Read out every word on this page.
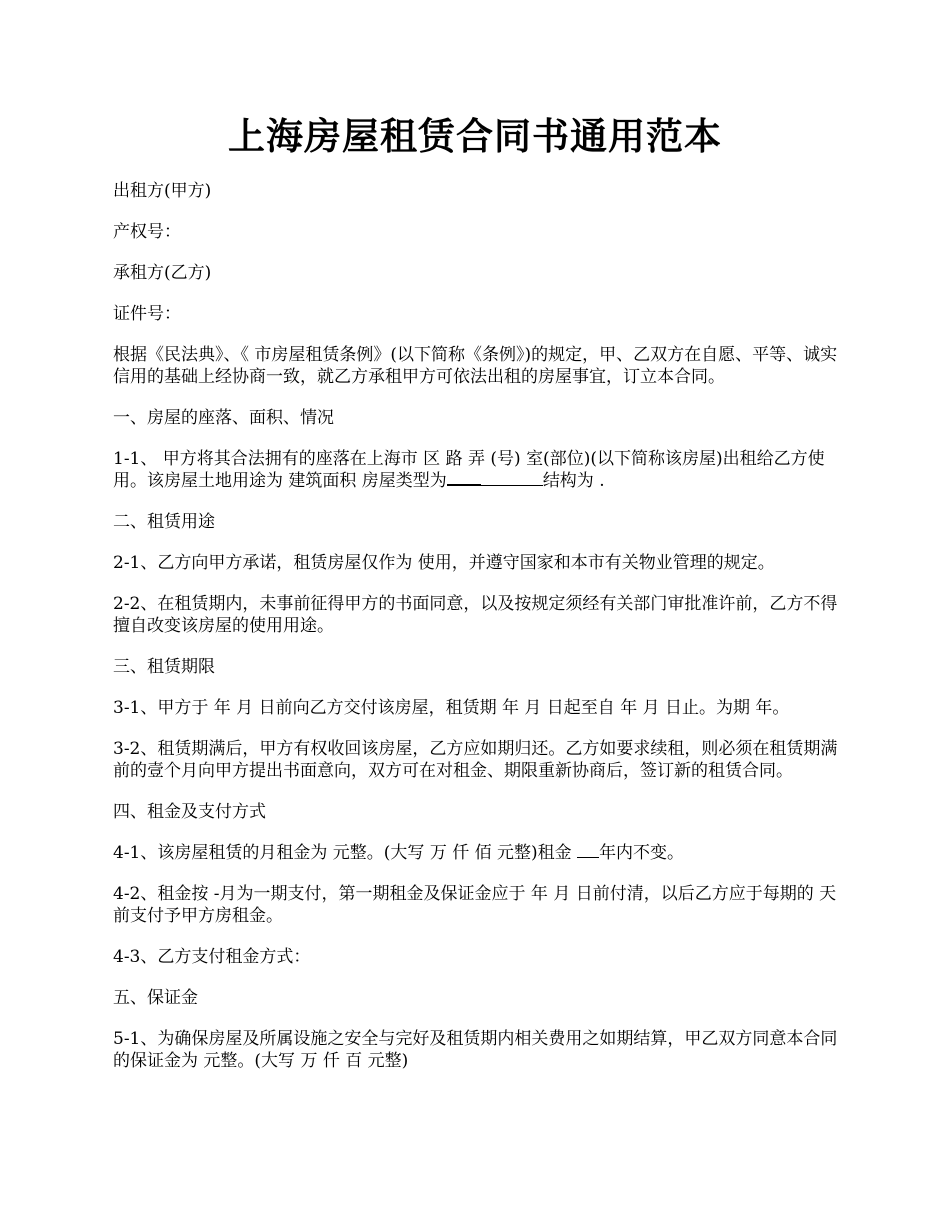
上海房屋租赁合同书通用范本

出租方(甲方)

产权号：

承租方(乙方)

证件号：

根据《民法典》、《 市房屋租赁条例》(以下简称《条例》)的规定，甲、乙双方在自愿、平等、诚实信用的基础上经协商一致，就乙方承租甲方可依法出租的房屋事宜，订立本合同。

一、房屋的座落、面积、情况

1-1、 甲方将其合法拥有的座落在上海市 区 路 弄 (号) 室(部位)(以下简称该房屋)出租给乙方使用。该房屋土地用途为 建筑面积 房屋类型为	结构为 .

二、租赁用途

2-1、乙方向甲方承诺，租赁房屋仅作为 使用，并遵守国家和本市有关物业管理的规定。

2-2、在租赁期内，未事前征得甲方的书面同意，以及按规定须经有关部门审批准许前，乙方不得擅自改变该房屋的使用用途。

三、租赁期限

3-1、甲方于 年 月 日前向乙方交付该房屋，租赁期 年 月 日起至自 年 月 日止。为期 年。

3-2、租赁期满后，甲方有权收回该房屋，乙方应如期归还。乙方如要求续租，则必须在租赁期满前的壹个月向甲方提出书面意向，双方可在对租金、期限重新协商后，签订新的租赁合同。

四、租金及支付方式

4-1、该房屋租赁的月租金为 元整。(大写 万 仟 佰 元整)租金 年内不变。

4-2、租金按 -月为一期支付，第一期租金及保证金应于 年 月 日前付清，以后乙方应于每期的 天前支付予甲方房租金。

4-3、乙方支付租金方式：

五、保证金

5-1、为确保房屋及所属设施之安全与完好及租赁期内相关费用之如期结算，甲乙双方同意本合同的保证金为 元整。(大写 万 仟 百 元整)
